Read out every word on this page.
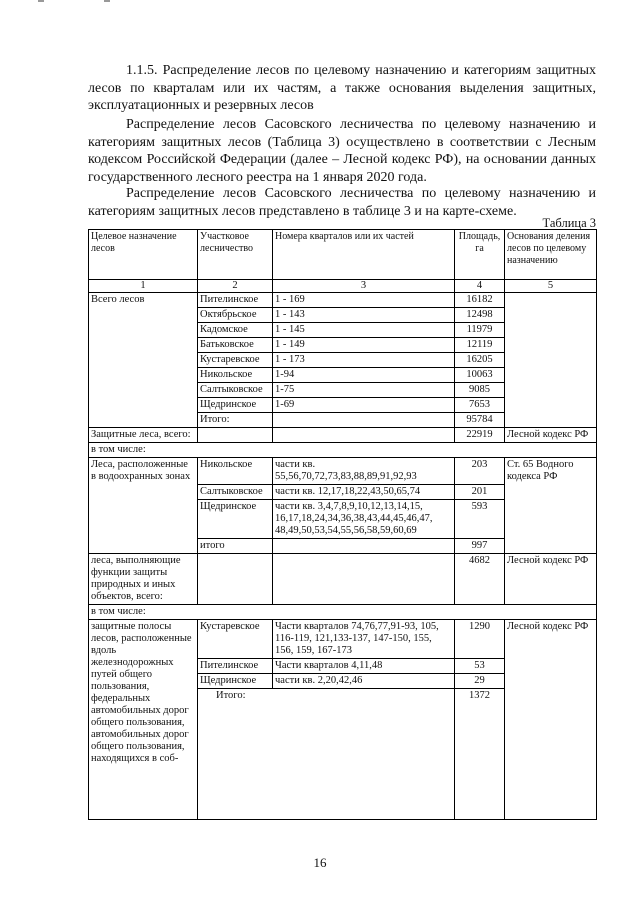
1.1.5. Распределение лесов по целевому назначению и категориям защитных лесов по кварталам или их частям, а также основания выделения защитных, эксплуатационных и резервных лесов
Распределение лесов Сасовского лесничества по целевому назначению и категориям защитных лесов (Таблица 3) осуществлено в соответствии с Лесным кодексом Российской Федерации (далее – Лесной кодекс РФ), на основании данных государственного лесного реестра на 1 января 2020 года.
Распределение лесов Сасовского лесничества по целевому назначению и категориям защитных лесов представлено в таблице 3 и на карте-схеме.
Таблица 3
Целевое назначение лесов	Участковое лесничество	Номера кварталов или их частей	Площадь, га	Основания деления лесов по целевому назначению
1	2	3	4	5
Всего лесов	Пителинское	1 - 169	16182	
	Октябрьское	1 - 143	12498	
	Кадомское	1 - 145	11979	
	Батьковское	1 - 149	12119	
	Кустаревское	1 - 173	16205	
	Никольское	1-94	10063	
	Салтыковское	1-75	9085	
	Щедринское	1-69	7653	
	Итого:		95784	
Защитные леса, всего:			22919	Лесной кодекс РФ
в том числе:				
Леса, расположенные в водоохранных зонах	Никольское	части кв. 55,56,70,72,73,83,88,89,91,92,93	203	Ст. 65 Водного кодекса РФ
	Салтыковское	части кв. 12,17,18,22,43,50,65,74	201	
	Щедринское	части кв. 3,4,7,8,9,10,12,13,14,15, 16,17,18,24,34,36,38,43,44,45,46,47, 48,49,50,53,54,55,56,58,59,60,69	593	
	итого		997	
леса, выполняющие функции защиты природных и иных объектов, всего:			4682	Лесной кодекс РФ
в том числе:				
защитные полосы лесов, расположенные вдоль железнодорожных путей общего пользования, федеральных автомобильных дорог общего пользования, автомобильных дорог общего пользования, находящихся в соб-	Кустаревское	Части кварталов 74,76,77,91-93, 105, 116-119, 121,133-137, 147-150, 155, 156, 159, 167-173	1290	Лесной кодекс РФ
	Пителинское	Части кварталов 4,11,48	53	
	Щедринское	части кв. 2,20,42,46	29	
	Итого:		1372	
16
